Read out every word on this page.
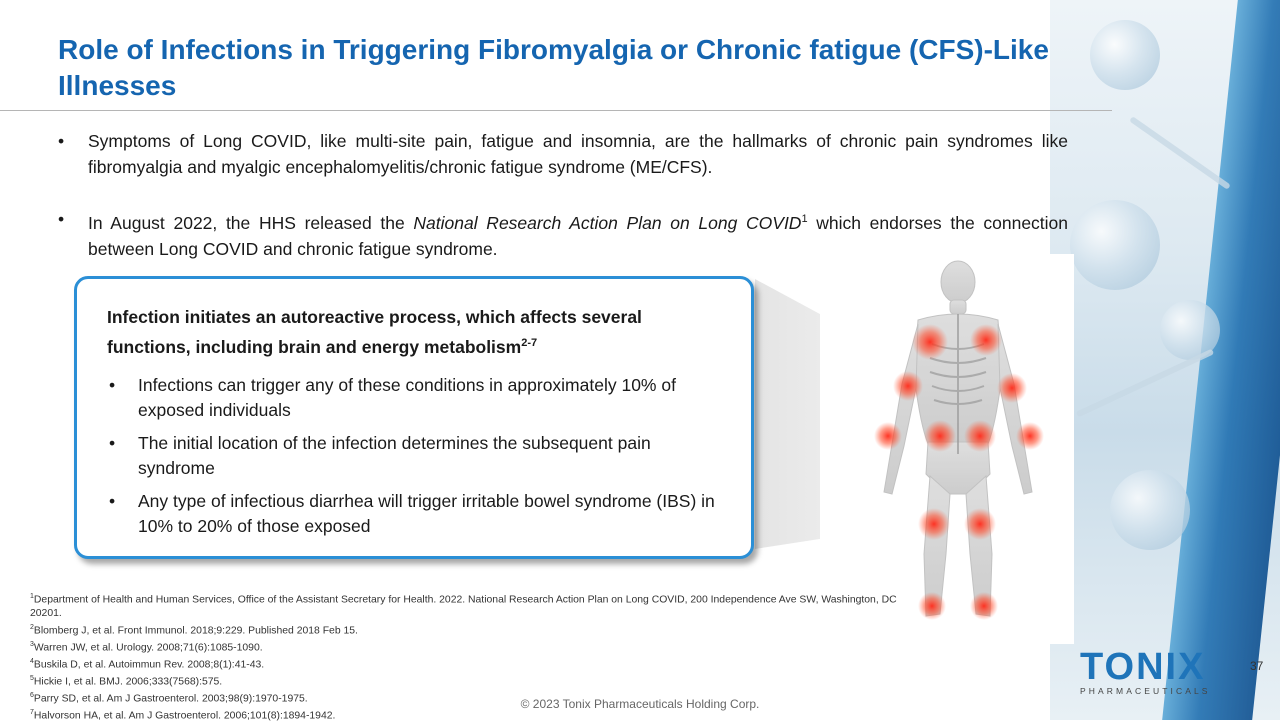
Role of Infections in Triggering Fibromyalgia or Chronic fatigue (CFS)-Like Illnesses
• Symptoms of Long COVID, like multi-site pain, fatigue and insomnia, are the hallmarks of chronic pain syndromes like fibromyalgia and myalgic encephalomyelitis/chronic fatigue syndrome (ME/CFS).
• In August 2022, the HHS released the National Research Action Plan on Long COVID$^1$ which endorses the connection between Long COVID and chronic fatigue syndrome.
Infection initiates an autoreactive process, which affects several functions, including brain and energy metabolism$^{2-7}$
• Infections can trigger any of these conditions in approximately 10% of exposed individuals
• The initial location of the infection determines the subsequent pain syndrome
• Any type of infectious diarrhea will trigger irritable bowel syndrome (IBS) in 10% to 20% of those exposed
$^1$Department of Health and Human Services, Office of the Assistant Secretary for Health. 2022. National Research Action Plan on Long COVID, 200 Independence Ave SW, Washington, DC 20201.
$^2$Blomberg J, et al. Front Immunol. 2018;9:229. Published 2018 Feb 15.
$^3$Warren JW, et al. Urology. 2008;71(6):1085-1090.
$^4$Buskila D, et al. Autoimmun Rev. 2008;8(1):41-43.
$^5$Hickie I, et al. BMJ. 2006;333(7568):575.
$^6$Parry SD, et al. Am J Gastroenterol. 2003;98(9):1970-1975.
$^7$Halvorson HA, et al. Am J Gastroenterol. 2006;101(8):1894-1942.
TONIX
PHARMACEUTICALS
37
© 2023 Tonix Pharmaceuticals Holding Corp.
